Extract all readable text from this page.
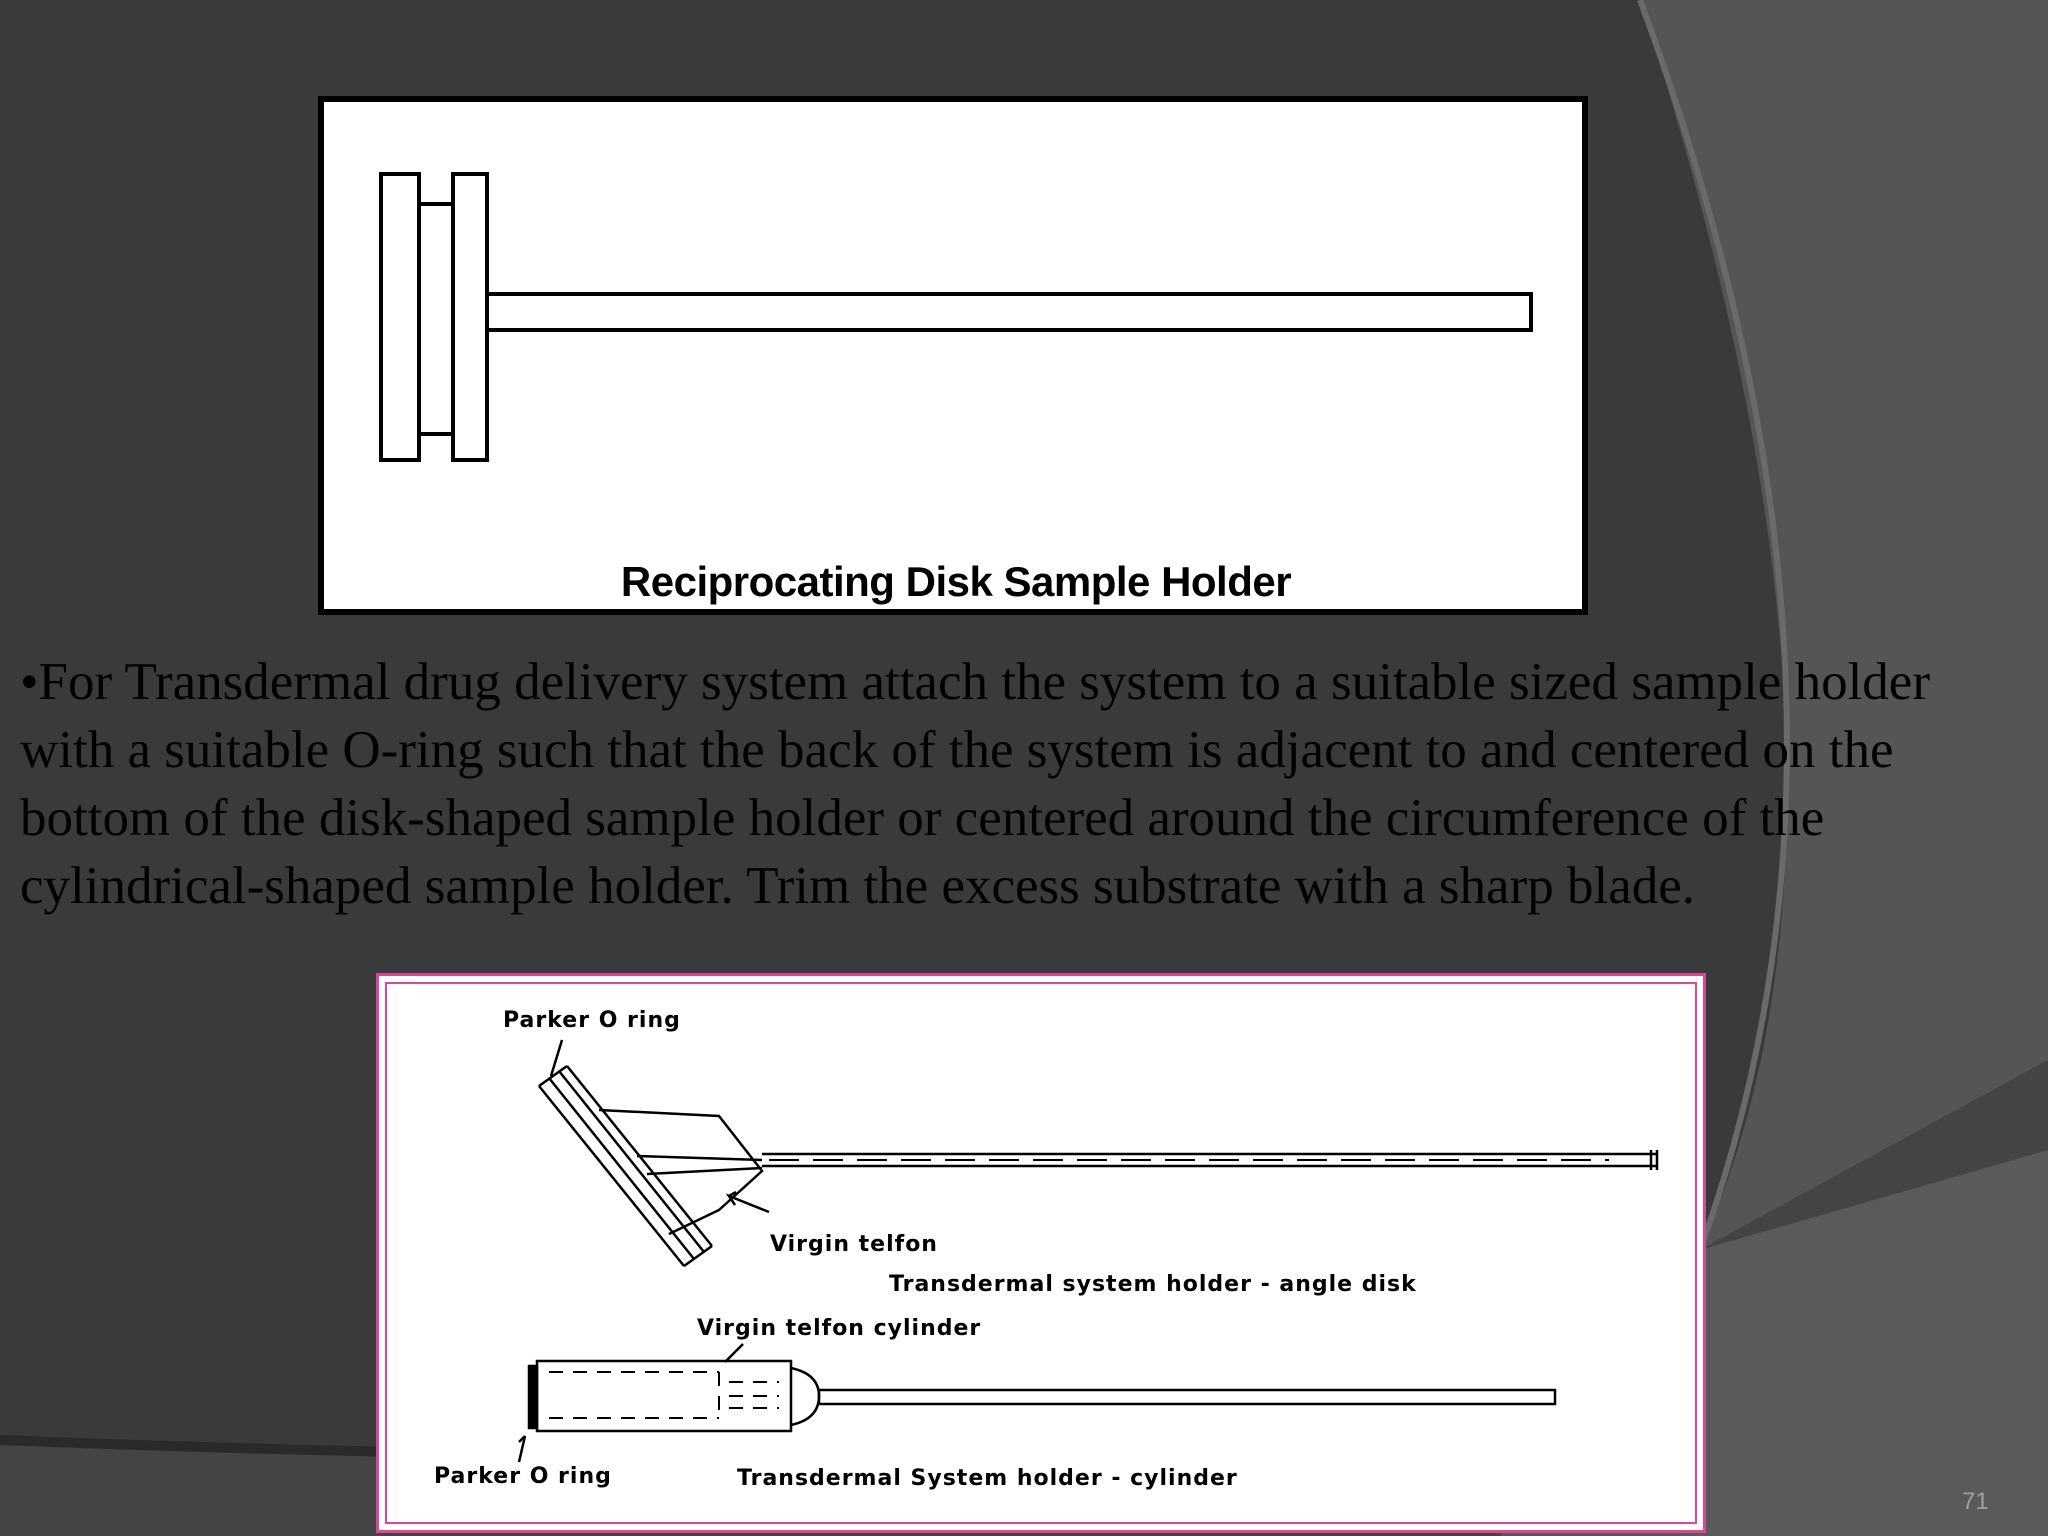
Reciprocating Disk Sample Holder
•For Transdermal drug delivery system attach the system to a suitable sized sample holder with a suitable O-ring such that the back of the system is adjacent to and centered on the bottom of the disk-shaped sample holder or centered around the circumference of the cylindrical-shaped sample holder. Trim the excess substrate with a sharp blade.
Parker O ring
Virgin telfon
Transdermal system holder - angle disk
Virgin telfon cylinder
Parker O ring	Transdermal System holder - cylinder
71
